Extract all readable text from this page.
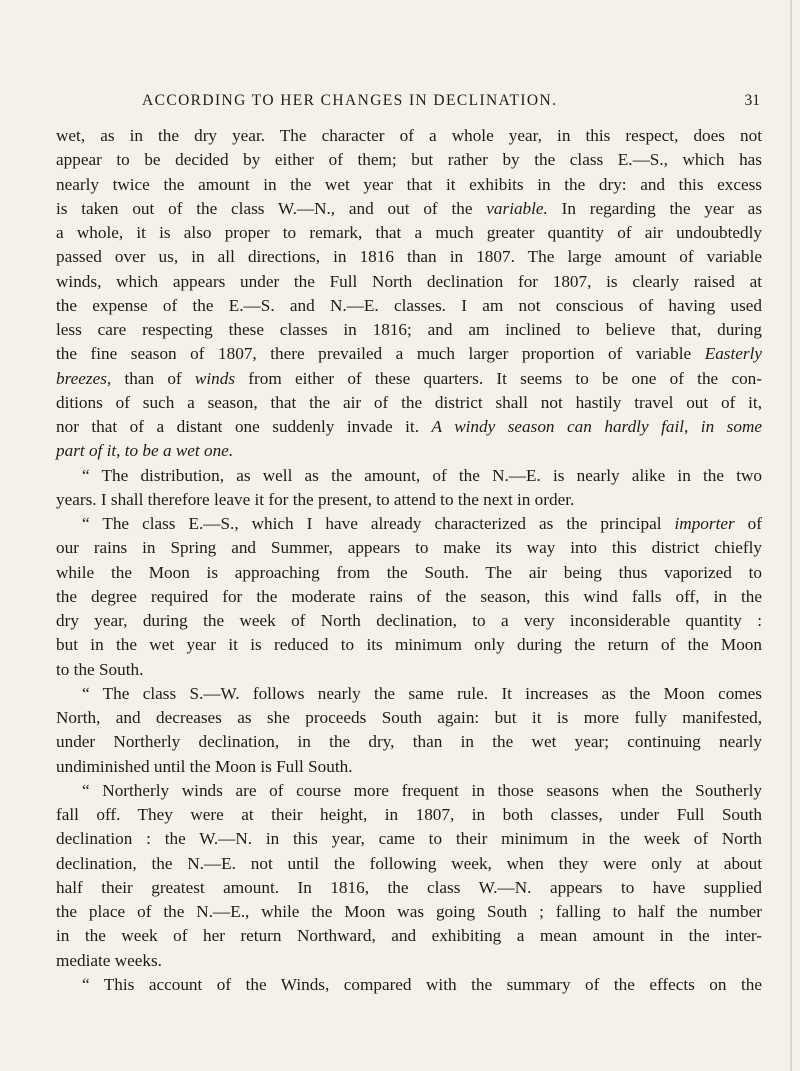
ACCORDING TO HER CHANGES IN DECLINATION.	31
wet, as in the dry year. The character of a whole year, in this respect, does not
appear to be decided by either of them; but rather by the class E.—S., which has
nearly twice the amount in the wet year that it exhibits in the dry: and this excess
is taken out of the class W.—N., and out of the variable. In regarding the year as
a whole, it is also proper to remark, that a much greater quantity of air undoubtedly
passed over us, in all directions, in 1816 than in 1807. The large amount of variable
winds, which appears under the Full North declination for 1807, is clearly raised at
the expense of the E.—S. and N.—E. classes. I am not conscious of having used
less care respecting these classes in 1816; and am inclined to believe that, during
the fine season of 1807, there prevailed a much larger proportion of variable Easterly
breezes, than of winds from either of these quarters. It seems to be one of the con-
ditions of such a season, that the air of the district shall not hastily travel out of it,
nor that of a distant one suddenly invade it. A windy season can hardly fail, in some
part of it, to be a wet one.
“ The distribution, as well as the amount, of the N.—E. is nearly alike in the two
years. I shall therefore leave it for the present, to attend to the next in order.
“ The class E.—S., which I have already characterized as the principal importer of
our rains in Spring and Summer, appears to make its way into this district chiefly
while the Moon is approaching from the South. The air being thus vaporized to
the degree required for the moderate rains of the season, this wind falls off, in the
dry year, during the week of North declination, to a very inconsiderable quantity :
but in the wet year it is reduced to its minimum only during the return of the Moon
to the South.
“ The class S.—W. follows nearly the same rule. It increases as the Moon comes
North, and decreases as she proceeds South again: but it is more fully manifested,
under Northerly declination, in the dry, than in the wet year; continuing nearly
undiminished until the Moon is Full South.
“ Northerly winds are of course more frequent in those seasons when the Southerly
fall off. They were at their height, in 1807, in both classes, under Full South
declination : the W.—N. in this year, came to their minimum in the week of North
declination, the N.—E. not until the following week, when they were only at about
half their greatest amount. In 1816, the class W.—N. appears to have supplied
the place of the N.—E., while the Moon was going South ; falling to half the number
in the week of her return Northward, and exhibiting a mean amount in the inter-
mediate weeks.
“ This account of the Winds, compared with the summary of the effects on the
